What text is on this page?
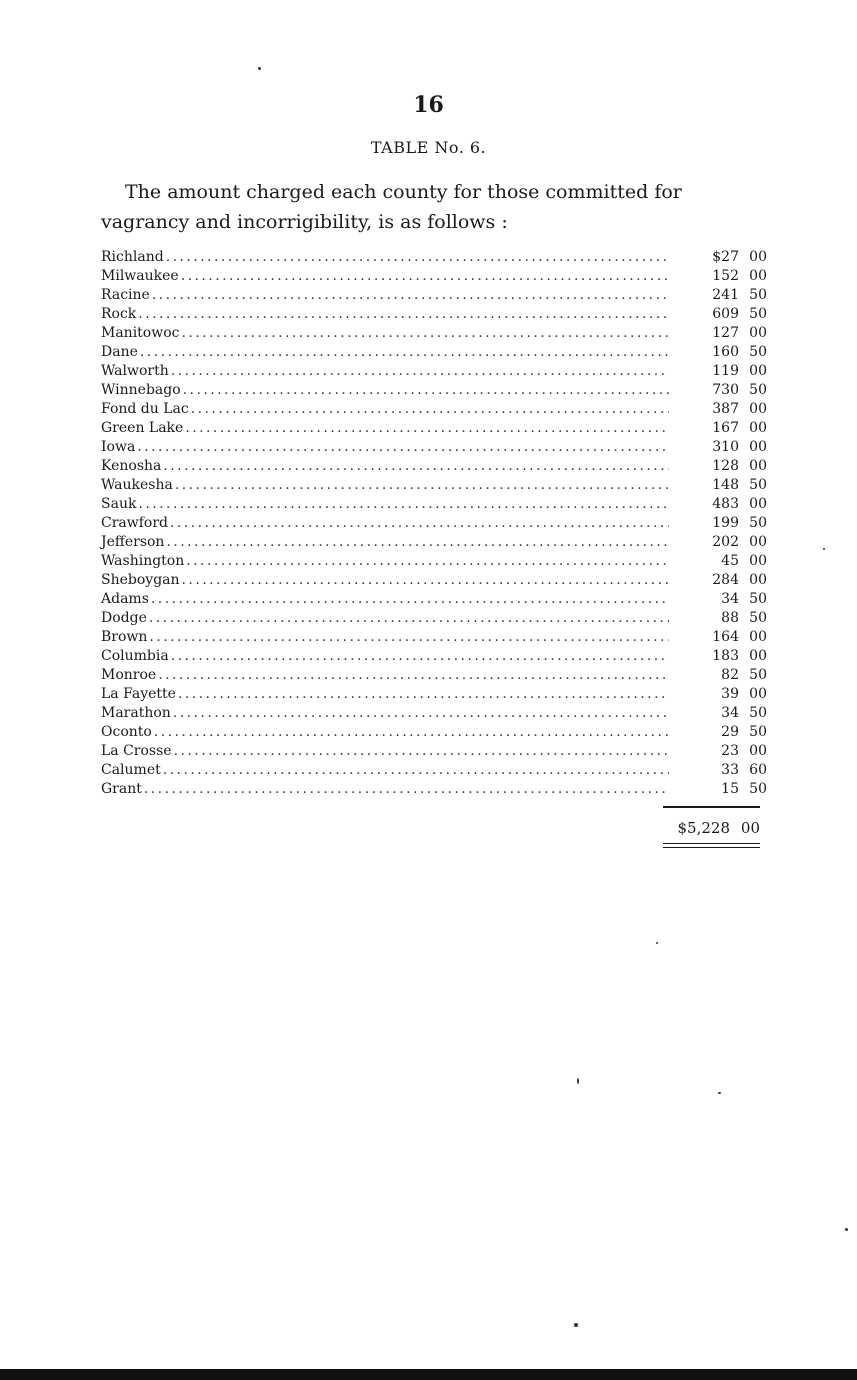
16
TABLE No. 6.
The amount charged each county for those committed for vagrancy and incorrigibility, is as follows :
Richland . . .	$27 00
Milwaukee . . .	152 00
Racine . . .	241 50
Rock . . .	609 50
Manitowoc . . .	127 00
Dane . . .	160 50
Walworth . . .	119 00
Winnebago . . .	730 50
Fond du Lac . . .	387 00
Green Lake . . .	167 00
Iowa . . .	310 00
Kenosha . . .	128 00
Waukesha . . .	148 50
Sauk . . .	483 00
Crawford . . .	199 50
Jefferson . . .	202 00
Washington . . .	45 00
Sheboygan . . .	284 00
Adams . . .	34 50
Dodge . . .	88 50
Brown . . .	164 00
Columbia . . .	183 00
Monroe . . .	82 50
La Fayette . . .	39 00
Marathon . . .	34 50
Oconto . . .	29 50
La Crosse . . .	23 00
Calumet . . .	33 60
Grant . . .	15 50
$5,228 00
